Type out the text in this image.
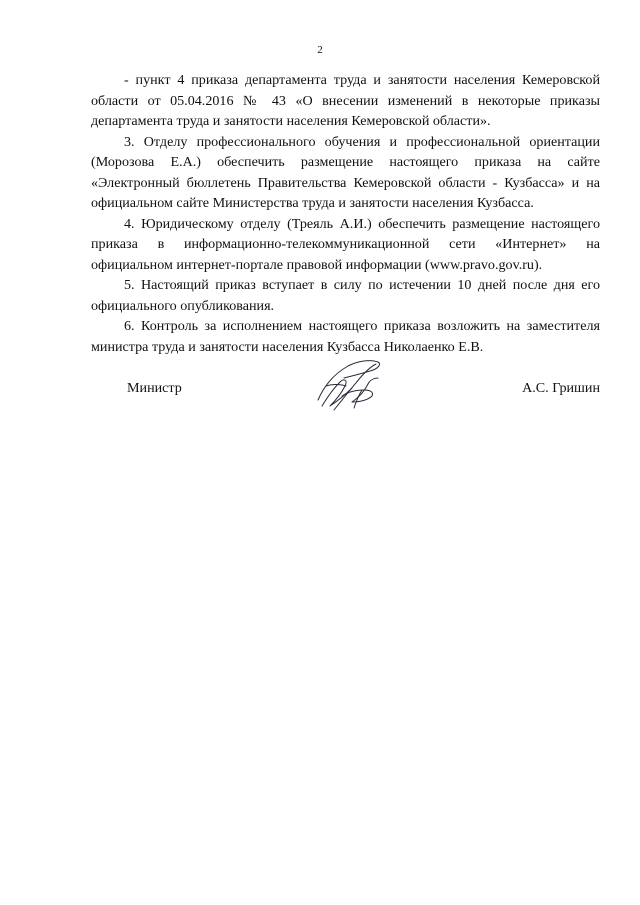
2

- пункт 4 приказа департамента труда и занятости населения Кемеровской области от 05.04.2016 № 43 «О внесении изменений в некоторые приказы департамента труда и занятости населения Кемеровской области».

3. Отделу профессионального обучения и профессиональной ориентации (Морозова Е.А.) обеспечить размещение настоящего приказа на сайте «Электронный бюллетень Правительства Кемеровской области - Кузбасса» и на официальном сайте Министерства труда и занятости населения Кузбасса.

4. Юридическому отделу (Треяль А.И.) обеспечить размещение настоящего приказа в информационно-телекоммуникационной сети «Интернет» на официальном интернет-портале правовой информации (www.pravo.gov.ru).

5. Настоящий приказ вступает в силу по истечении 10 дней после дня его официального опубликования.

6. Контроль за исполнением настоящего приказа возложить на заместителя министра труда и занятости населения Кузбасса Николаенко Е.В.

Министр	А.С. Гришин
